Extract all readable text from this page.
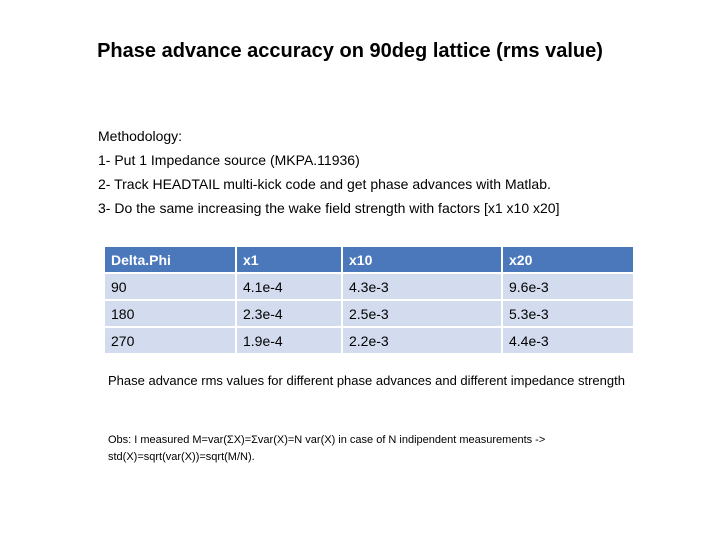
Phase advance accuracy on 90deg lattice (rms value)
Methodology:
1- Put 1 Impedance source (MKPA.11936)
2- Track HEADTAIL multi-kick code and get phase advances with Matlab.
3- Do the same increasing the wake field strength with factors [x1 x10 x20]
Delta.Phi	x1	x10	x20
90	4.1e-4	4.3e-3	9.6e-3
180	2.3e-4	2.5e-3	5.3e-3
270	1.9e-4	2.2e-3	4.4e-3
Phase advance rms values for different phase advances and different impedance strength
Obs: I measured M=var(ΣX)=Σvar(X)=N var(X) in case of N indipendent measurements -> std(X)=sqrt(var(X))=sqrt(M/N).
